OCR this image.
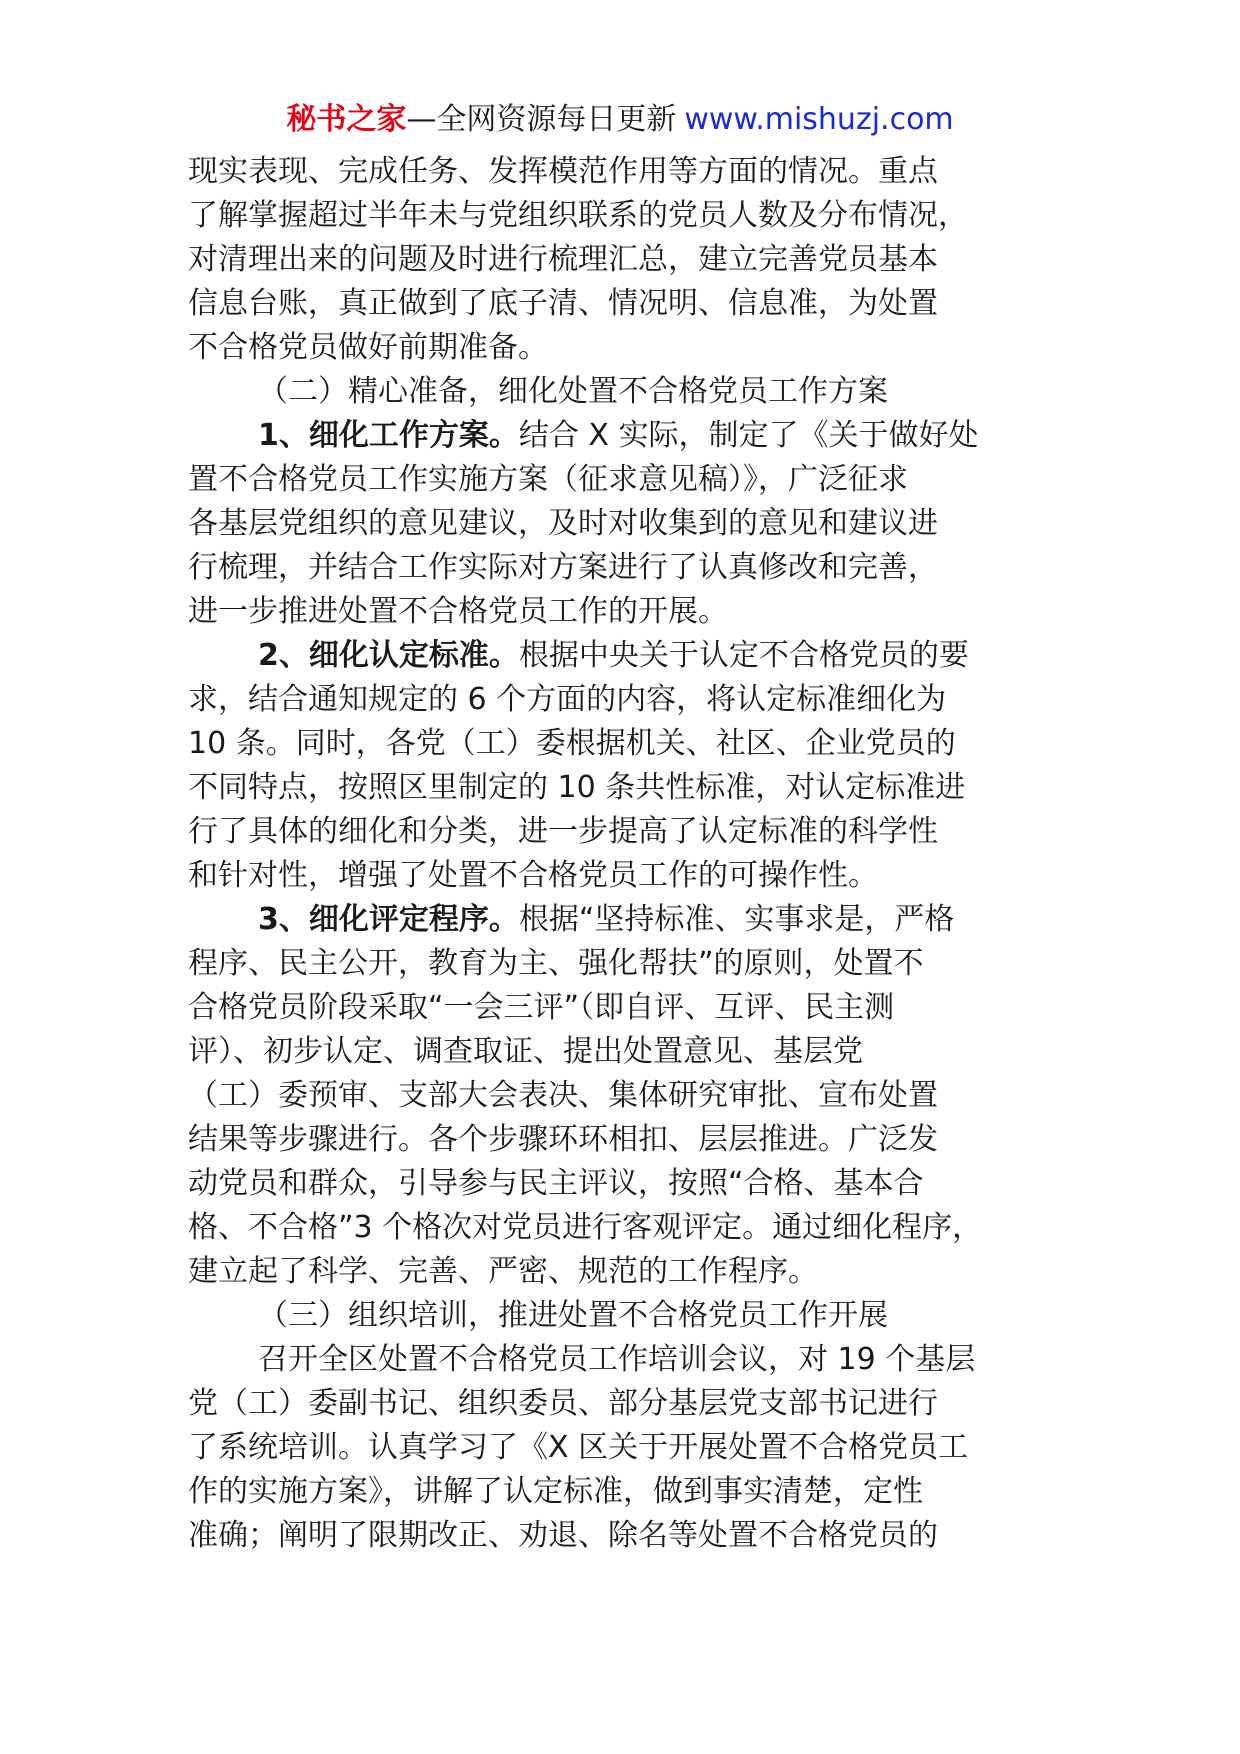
秘书之家—全网资源每日更新 www.mishuzj.com

现实表现、完成任务、发挥模范作用等方面的情况。重点

了解掌握超过半年未与党组织联系的党员人数及分布情况，

对清理出来的问题及时进行梳理汇总，建立完善党员基本

信息台账，真正做到了底子清、情况明、信息准，为处置

不合格党员做好前期准备。

（二）精心准备，细化处置不合格党员工作方案

1、细化工作方案。结合 X 实际，制定了《关于做好处

置不合格党员工作实施方案（征求意见稿）》，广泛征求

各基层党组织的意见建议，及时对收集到的意见和建议进

行梳理，并结合工作实际对方案进行了认真修改和完善，

进一步推进处置不合格党员工作的开展。

2、细化认定标准。根据中央关于认定不合格党员的要

求，结合通知规定的 6 个方面的内容，将认定标准细化为

10 条。同时，各党（工）委根据机关、社区、企业党员的

不同特点，按照区里制定的 10 条共性标准，对认定标准进

行了具体的细化和分类，进一步提高了认定标准的科学性

和针对性，增强了处置不合格党员工作的可操作性。

3、细化评定程序。根据“坚持标准、实事求是，严格

程序、民主公开，教育为主、强化帮扶”的原则，处置不

合格党员阶段采取“一会三评”（即自评、互评、民主测

评）、初步认定、调查取证、提出处置意见、基层党

（工）委预审、支部大会表决、集体研究审批、宣布处置

结果等步骤进行。各个步骤环环相扣、层层推进。广泛发

动党员和群众，引导参与民主评议，按照“合格、基本合

格、不合格”3 个格次对党员进行客观评定。通过细化程序，

建立起了科学、完善、严密、规范的工作程序。

（三）组织培训，推进处置不合格党员工作开展

召开全区处置不合格党员工作培训会议，对 19 个基层

党（工）委副书记、组织委员、部分基层党支部书记进行

了系统培训。认真学习了《X 区关于开展处置不合格党员工

作的实施方案》，讲解了认定标准，做到事实清楚，定性

准确；阐明了限期改正、劝退、除名等处置不合格党员的
